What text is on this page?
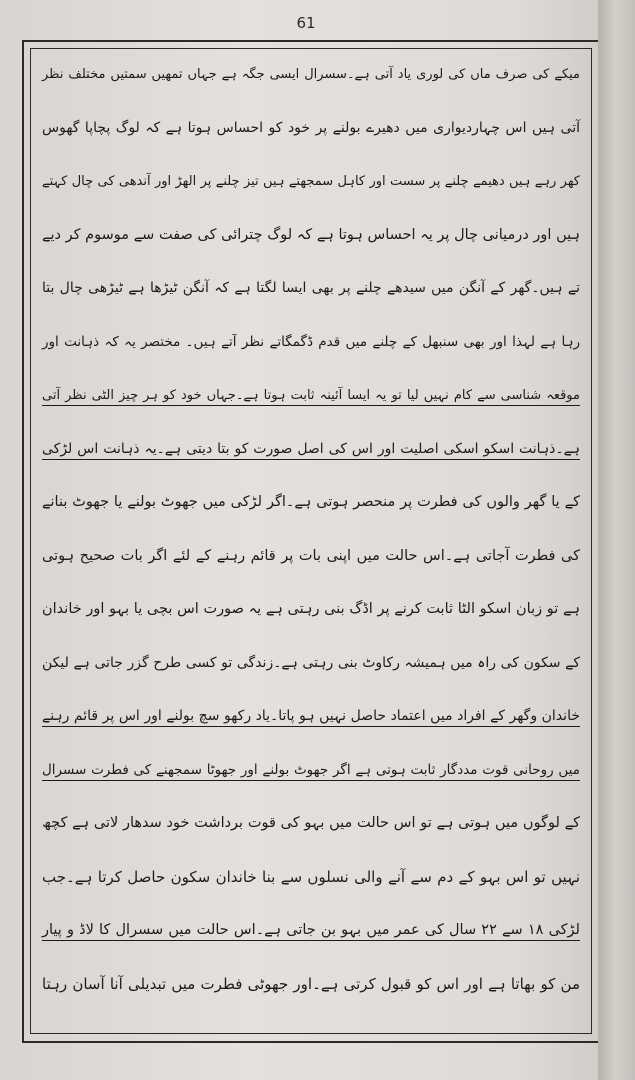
61
میکے کی صرف ماں کی لوری یاد آتی ہے۔سسرال ایسی جگہ ہے جہاں تمھیں سمتیں مختلف نظر
آتی ہیں اس چہاردیواری میں دھیرے بولنے پر خود کو احساس ہوتا ہے کہ لوگ پچاپا گھوس
کھر رہے ہیں دھیمے چلنے پر سست اور کاہل سمجھتے ہیں تیز چلنے پر الھڑ اور آندھی کی چال کہتے
ہیں اور درمیانی چال پر یہ احساس ہوتا ہے کہ لوگ چترائی کی صفت سے موسوم کر دیے
تے ہیں۔گھر کے آنگن میں سیدھے چلنے پر بھی ایسا لگتا ہے کہ آنگن ٹیڑھا ہے ٹیڑھی چال بتا
رہا ہے لہذا اور بھی سنبھل کے چلنے میں قدم ڈگمگاتے نظر آتے ہیں۔ مختصر یہ کہ ذہانت اور
موقعہ شناسی سے کام نہیں لیا تو یہ ایسا آئینہ ثابت ہوتا ہے۔جہاں خود کو ہر چیز الٹی نظر آتی
ہے۔ذہانت اسکو اسکی اصلیت اور اس کی اصل صورت کو بتا دیتی ہے۔یہ ذہانت اس لڑکی
کے یا گھر والوں کی فطرت پر منحصر ہوتی ہے۔اگر لڑکی میں جھوٹ بولنے یا جھوٹ بنانے
کی فطرت آجاتی ہے۔اس حالت میں اپنی بات پر قائم رہنے کے لئے اگر بات صحیح ہوتی
ہے تو زبان اسکو الٹا ثابت کرنے پر اڈگ بنی رہتی ہے یہ صورت اس بچی یا بہو اور خاندان
کے سکون کی راہ میں ہمیشہ رکاوٹ بنی رہتی ہے۔زندگی تو کسی طرح گزر جاتی ہے لیکن
خاندان وگھر کے افراد میں اعتماد حاصل نہیں ہو پاتا۔یاد رکھو سچ بولنے اور اس پر قائم رہنے
میں روحانی قوت مددگار ثابت ہوتی ہے اگر جھوٹ بولنے اور جھوٹا سمجھنے کی فطرت سسرال
کے لوگوں میں ہوتی ہے تو اس حالت میں بہو کی قوت برداشت خود سدھار لاتی ہے کچھ
نہیں تو اس بہو کے دم سے آنے والی نسلوں سے بنا خاندان سکون حاصل کرتا ہے۔جب
لڑکی ۱۸ سے ۲۲ سال کی عمر میں بہو بن جاتی ہے۔اس حالت میں سسرال کا لاڈ و پیار
من کو بھاتا ہے اور اس کو قبول کرتی ہے۔اور جھوٹی فطرت میں تبدیلی آنا آسان رہتا
